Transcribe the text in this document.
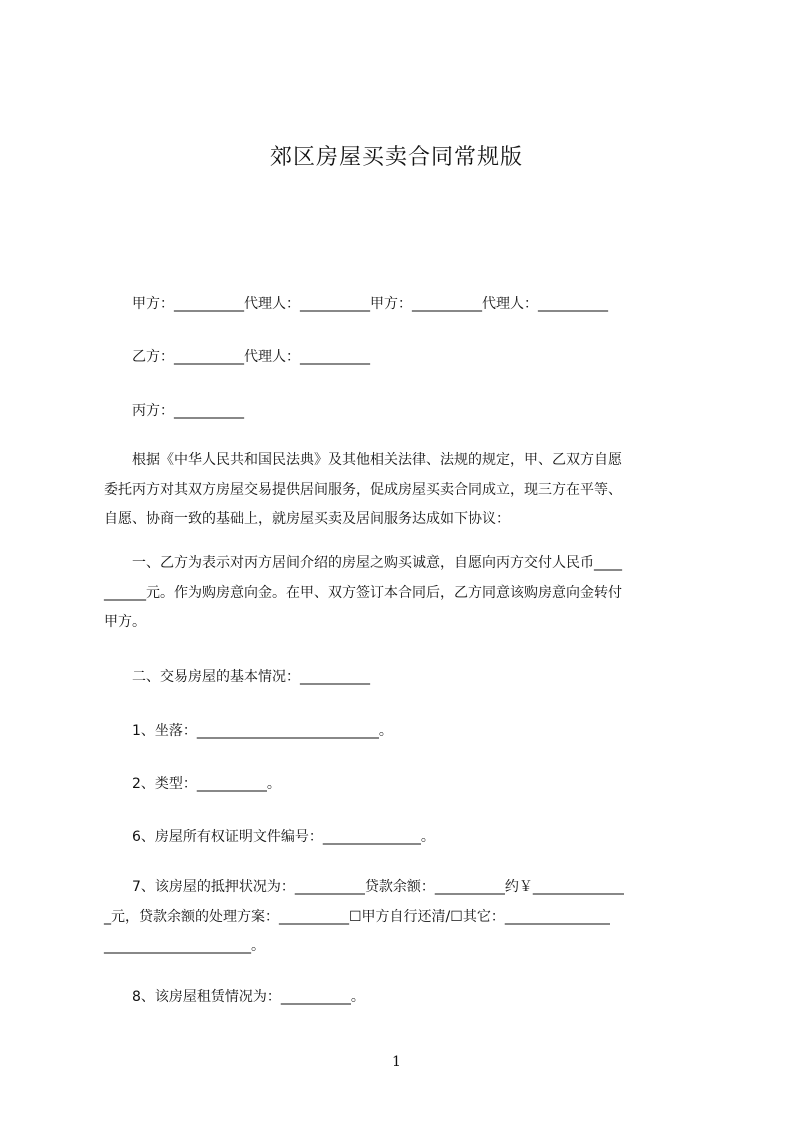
郊区房屋买卖合同常规版
　　甲方：__________代理人：__________甲方：__________代理人：__________
　　乙方：__________代理人：__________
　　丙方：__________

　　根据《中华人民共和国民法典》及其他相关法律、法规的规定，甲、乙双方自愿

委托丙方对其双方房屋交易提供居间服务，促成房屋买卖合同成立，现三方在平等、

自愿、协商一致的基础上，就房屋买卖及居间服务达成如下协议：

　　一、乙方为表示对丙方居间介绍的房屋之购买诚意，自愿向丙方交付人民币____

______元。作为购房意向金。在甲、双方签订本合同后，乙方同意该购房意向金转付

甲方。

　　二、交易房屋的基本情况：__________
　　1、坐落：__________________________。
　　2、类型：__________。
　　6、房屋所有权证明文件编号：______________。

　　7、该房屋的抵押状况为：__________贷款余额：__________约￥_____________

_元，贷款余额的处理方案：__________☐甲方自行还清/☐其它：_______________

_____________________。

　　8、该房屋租赁情况为：__________。
1
